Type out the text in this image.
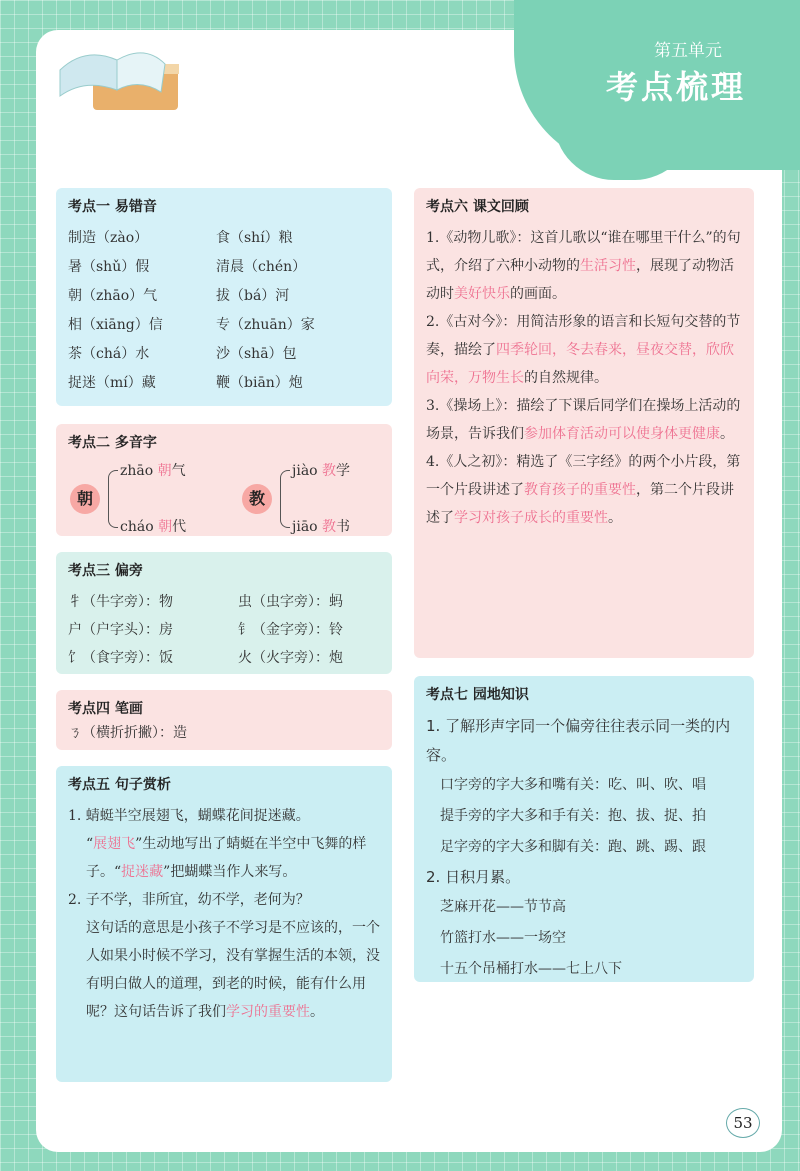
第五单元
考点梳理
考点一 易错音
制造（zào）	食（shí）粮
暑（shǔ）假	清晨（chén）
朝（zhāo）气	拔（bá）河
相（xiāng）信	专（zhuān）家
茶（chá）水	沙（shā）包
捉迷（mí）藏	鞭（biān）炮
考点二 多音字
朝
zhāo 朝气
cháo 朝代
教
jiào 教学
jiāo 教书
考点三 偏旁
牜（牛字旁）：物	虫（虫字旁）：蚂
户（户字头）：房	钅（金字旁）：铃
饣（食字旁）：饭	火（火字旁）：炮
考点四 笔画
ㄋ（横折折撇）：造
考点五 句子赏析
1. 蜻蜓半空展翅飞，蝴蝶花间捉迷藏。
“展翅飞”生动地写出了蜻蜓在半空中飞舞的样子。“捉迷藏”把蝴蝶当作人来写。
2. 子不学，非所宜，幼不学，老何为？
这句话的意思是小孩子不学习是不应该的，一个人如果小时候不学习，没有掌握生活的本领，没有明白做人的道理，到老的时候，能有什么用呢？这句话告诉了我们学习的重要性。
考点六 课文回顾
1.《动物儿歌》：这首儿歌以“谁在哪里干什么”的句式，介绍了六种小动物的生活习性，展现了动物活动时美好快乐的画面。
2.《古对今》：用简洁形象的语言和长短句交替的节奏，描绘了四季轮回，冬去春来，昼夜交替，欣欣向荣，万物生长的自然规律。
3.《操场上》：描绘了下课后同学们在操场上活动的场景，告诉我们参加体育活动可以使身体更健康。
4.《人之初》：精选了《三字经》的两个小片段，第一个片段讲述了教育孩子的重要性，第二个片段讲述了学习对孩子成长的重要性。
考点七 园地知识
1. 了解形声字同一个偏旁往往表示同一类的内容。
口字旁的字大多和嘴有关：吃、叫、吹、唱
提手旁的字大多和手有关：抱、拔、捉、拍
足字旁的字大多和脚有关：跑、跳、踢、跟
2. 日积月累。
芝麻开花——节节高
竹篮打水——一场空
十五个吊桶打水——七上八下
53
